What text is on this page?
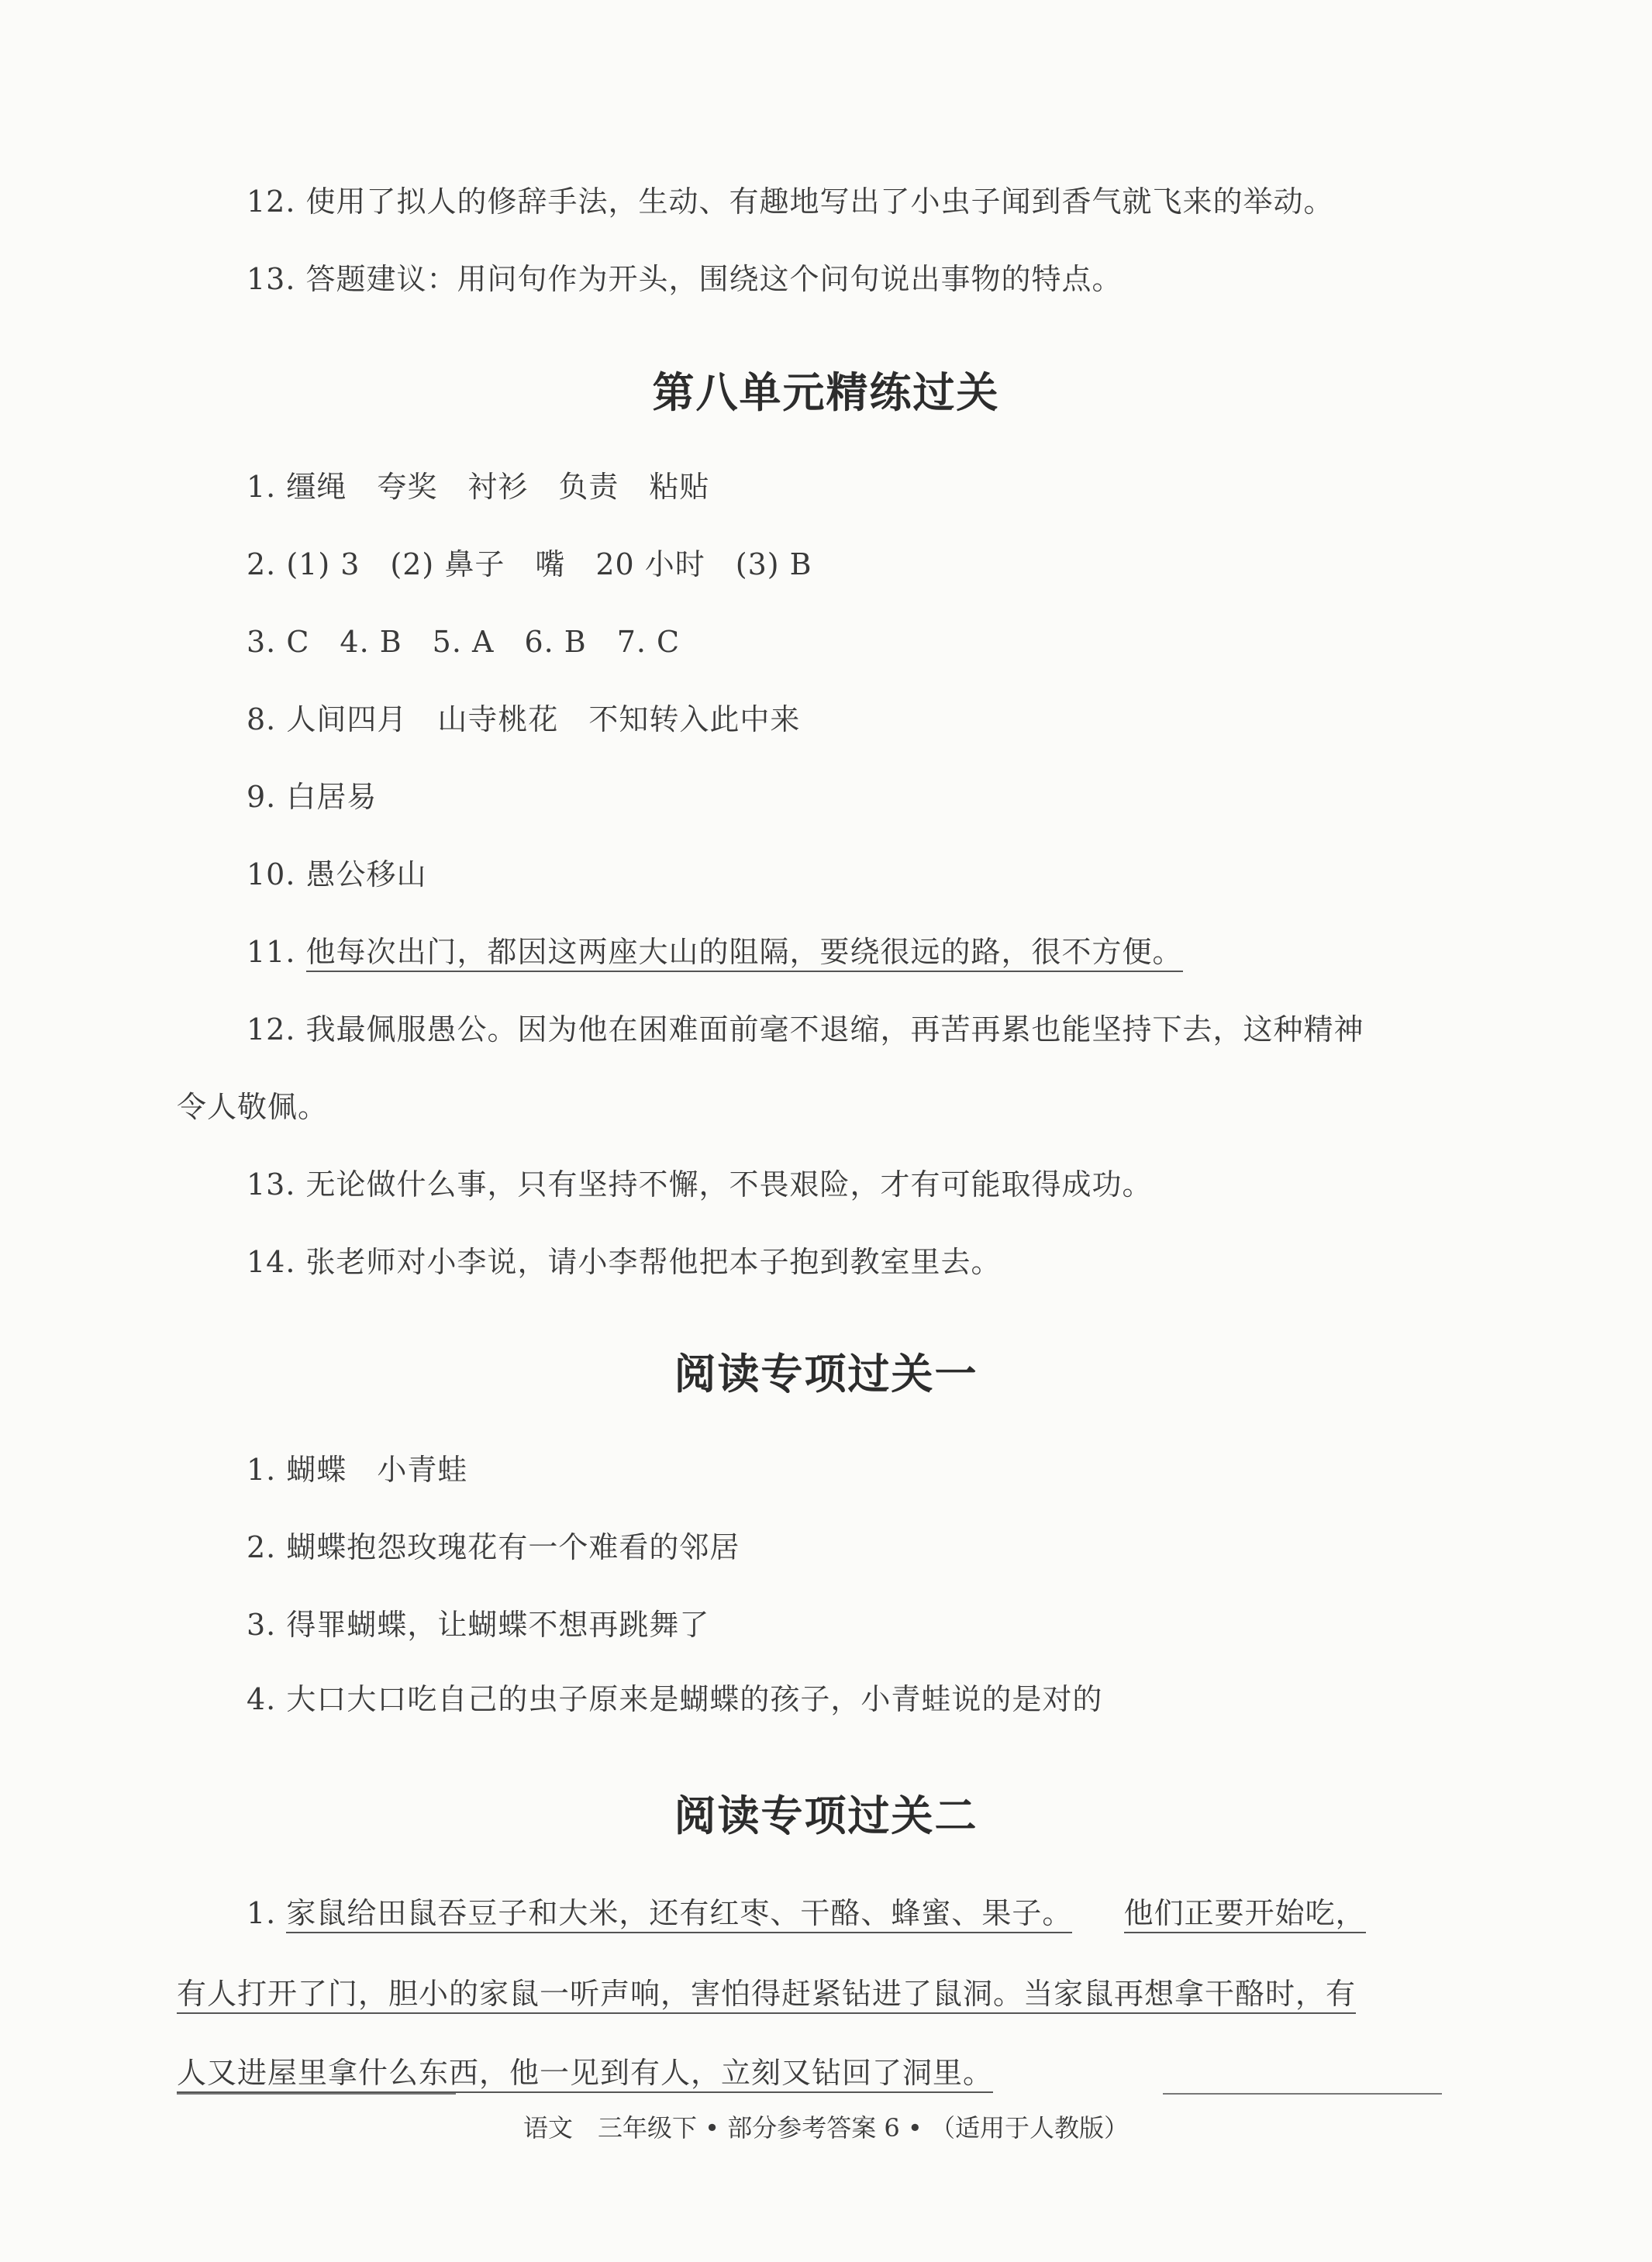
12. 使用了拟人的修辞手法，生动、有趣地写出了小虫子闻到香气就飞来的举动。
13. 答题建议：用问句作为开头，围绕这个问句说出事物的特点。
第八单元精练过关
1. 缰绳　夸奖　衬衫　负责　粘贴
2. (1) 3　(2) 鼻子　嘴　20 小时　(3) B
3. C　4. B　5. A　6. B　7. C
8. 人间四月　山寺桃花　不知转入此中来
9. 白居易
10. 愚公移山
11. 他每次出门，都因这两座大山的阻隔，要绕很远的路，很不方便。
12. 我最佩服愚公。因为他在困难面前毫不退缩，再苦再累也能坚持下去，这种精神
令人敬佩。
13. 无论做什么事，只有坚持不懈，不畏艰险，才有可能取得成功。
14. 张老师对小李说，请小李帮他把本子抱到教室里去。
阅读专项过关一
1. 蝴蝶　小青蛙
2. 蝴蝶抱怨玫瑰花有一个难看的邻居
3. 得罪蝴蝶，让蝴蝶不想再跳舞了
4. 大口大口吃自己的虫子原来是蝴蝶的孩子，小青蛙说的是对的
阅读专项过关二
1. 家鼠给田鼠吞豆子和大米，还有红枣、干酪、蜂蜜、果子。 他们正要开始吃，
有人打开了门，胆小的家鼠一听声响，害怕得赶紧钻进了鼠洞。当家鼠再想拿干酪时，有
人又进屋里拿什么东西，他一见到有人，立刻又钻回了洞里。
语文　三年级下 • 部分参考答案 6 • （适用于人教版）
